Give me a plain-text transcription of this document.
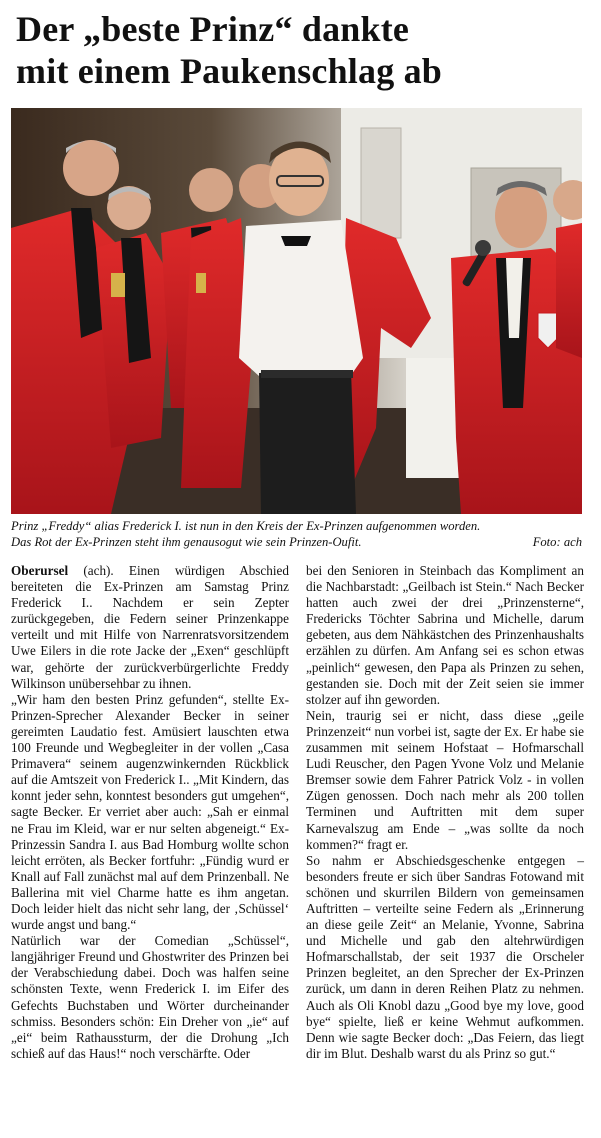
Der „beste Prinz“ dankte
mit einem Paukenschlag ab
Prinz „Freddy“ alias Frederick I. ist nun in den Kreis der Ex-Prinzen aufgenommen worden.
Das Rot der Ex-Prinzen steht ihm genausogut wie sein Prinzen-Oufit.	Foto: ach

Oberursel (ach). Einen würdigen Abschied bereiteten die Ex-Prinzen am Samstag Prinz Frederick I.. Nachdem er sein Zepter zurückgegeben, die Federn seiner Prinzenkappe verteilt und mit Hilfe von Narrenratsvorsitzendem Uwe Eilers in die rote Jacke der „Exen“ geschlüpft war, gehörte der zurückverbürgerlichte Freddy Wilkinson unübersehbar zu ihnen.

„Wir ham den besten Prinz gefunden“, stellte Ex-Prinzen-Sprecher Alexander Becker in seiner gereimten Laudatio fest. Amüsiert lauschten etwa 100 Freunde und Wegbegleiter in der vollen „Casa Primavera“ seinem augenzwinkernden Rückblick auf die Amtszeit von Frederick I.. „Mit Kindern, das konnt jeder sehn, konntest besonders gut umgehen“, sagte Becker. Er verriet aber auch: „Sah er einmal ne Frau im Kleid, war er nur selten abgeneigt.“ Ex-Prinzessin Sandra I. aus Bad Homburg wollte schon leicht erröten, als Becker fortfuhr: „Fündig wurd er Knall auf Fall zunächst mal auf dem Prinzenball. Ne Ballerina mit viel Charme hatte es ihm angetan. Doch leider hielt das nicht sehr lang, der ‚Schüssel‘ wurde angst und bang.“

Natürlich war der Comedian „Schüssel“, langjähriger Freund und Ghostwriter des Prinzen bei der Verabschiedung dabei. Doch was halfen seine schönsten Texte, wenn Frederick I. im Eifer des Gefechts Buchstaben und Wörter durcheinander schmiss. Besonders schön: Ein Dreher von „ie“ auf „ei“ beim Rathaussturm, der die Drohung „Ich schieß auf das Haus!“ noch verschärfte. Oder

bei den Senioren in Steinbach das Kompliment an die Nachbarstadt: „Geilbach ist Stein.“ Nach Becker hatten auch zwei der drei „Prinzensterne“, Fredericks Töchter Sabrina und Michelle, darum gebeten, aus dem Nähkästchen des Prinzenhaushalts erzählen zu dürfen. Am Anfang sei es schon etwas „peinlich“ gewesen, den Papa als Prinzen zu sehen, gestanden sie. Doch mit der Zeit seien sie immer stolzer auf ihn geworden.

Nein, traurig sei er nicht, dass diese „geile Prinzenzeit“ nun vorbei ist, sagte der Ex. Er habe sie zusammen mit seinem Hofstaat – Hofmarschall Ludi Reuscher, den Pagen Yvone Volz und Melanie Bremser sowie dem Fahrer Patrick Volz - in vollen Zügen genossen. Doch nach mehr als 200 tollen Terminen und Auftritten mit dem super Karnevalszug am Ende – „was sollte da noch kommen?“ fragt er.

So nahm er Abschiedsgeschenke entgegen – besonders freute er sich über Sandras Fotowand mit schönen und skurrilen Bildern von gemeinsamen Auftritten – verteilte seine Federn als „Erinnerung an diese geile Zeit“ an Melanie, Yvonne, Sabrina und Michelle und gab den altehrwürdigen Hofmarschallstab, der seit 1937 die Orscheler Prinzen begleitet, an den Sprecher der Ex-Prinzen zurück, um dann in deren Reihen Platz zu nehmen. Auch als Oli Knobl dazu „Good bye my love, good bye“ spielte, ließ er keine Wehmut aufkommen. Denn wie sagte Becker doch: „Das Feiern, das liegt dir im Blut. Deshalb warst du als Prinz so gut.“
